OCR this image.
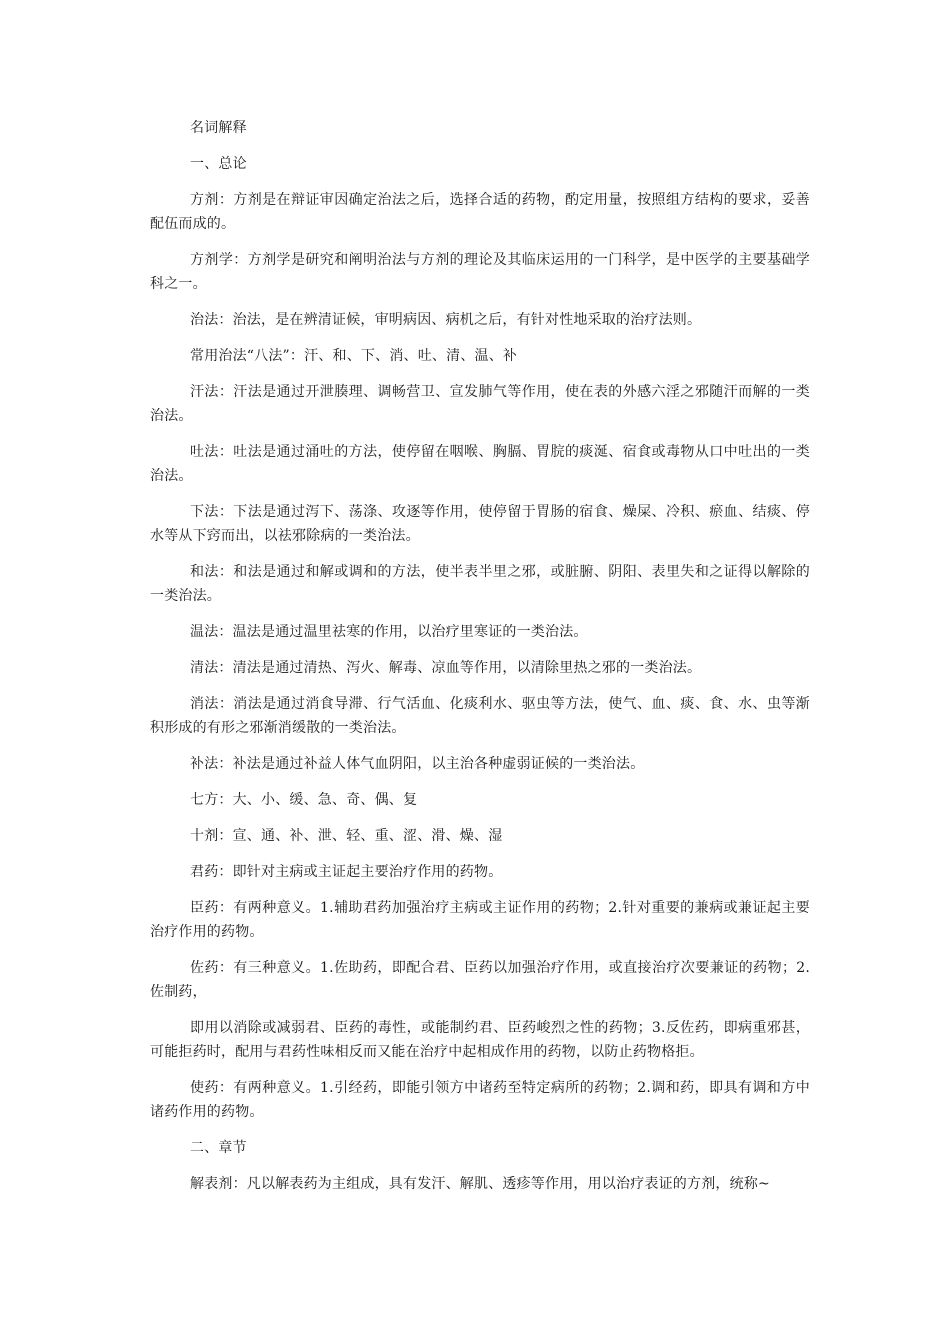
名词解释

一、总论

方剂：方剂是在辩证审因确定治法之后，选择合适的药物，酌定用量，按照组方结构的要求，妥善配伍而成的。

方剂学：方剂学是研究和阐明治法与方剂的理论及其临床运用的一门科学，是中医学的主要基础学科之一。

治法：治法，是在辨清证候，审明病因、病机之后，有针对性地采取的治疗法则。

常用治法“八法”：汗、和、下、消、吐、清、温、补

汗法：汗法是通过开泄腠理、调畅营卫、宣发肺气等作用，使在表的外感六淫之邪随汗而解的一类治法。

吐法：吐法是通过涌吐的方法，使停留在咽喉、胸膈、胃脘的痰涎、宿食或毒物从口中吐出的一类治法。

下法：下法是通过泻下、荡涤、攻逐等作用，使停留于胃肠的宿食、燥屎、冷积、瘀血、结痰、停水等从下窍而出，以祛邪除病的一类治法。

和法：和法是通过和解或调和的方法，使半表半里之邪，或脏腑、阴阳、表里失和之证得以解除的一类治法。

温法：温法是通过温里祛寒的作用，以治疗里寒证的一类治法。

清法：清法是通过清热、泻火、解毒、凉血等作用，以清除里热之邪的一类治法。

消法：消法是通过消食导滞、行气活血、化痰利水、驱虫等方法，使气、血、痰、食、水、虫等渐积形成的有形之邪渐消缓散的一类治法。

补法：补法是通过补益人体气血阴阳，以主治各种虚弱证候的一类治法。

七方：大、小、缓、急、奇、偶、复

十剂：宣、通、补、泄、轻、重、涩、滑、燥、湿

君药：即针对主病或主证起主要治疗作用的药物。

臣药：有两种意义。1.辅助君药加强治疗主病或主证作用的药物；2.针对重要的兼病或兼证起主要治疗作用的药物。

佐药：有三种意义。1.佐助药，即配合君、臣药以加强治疗作用，或直接治疗次要兼证的药物；2.佐制药，

即用以消除或减弱君、臣药的毒性，或能制约君、臣药峻烈之性的药物；3.反佐药，即病重邪甚，可能拒药时，配用与君药性味相反而又能在治疗中起相成作用的药物，以防止药物格拒。

使药：有两种意义。1.引经药，即能引领方中诸药至特定病所的药物；2.调和药，即具有调和方中诸药作用的药物。

二、章节

解表剂：凡以解表药为主组成，具有发汗、解肌、透疹等作用，用以治疗表证的方剂，统称~
